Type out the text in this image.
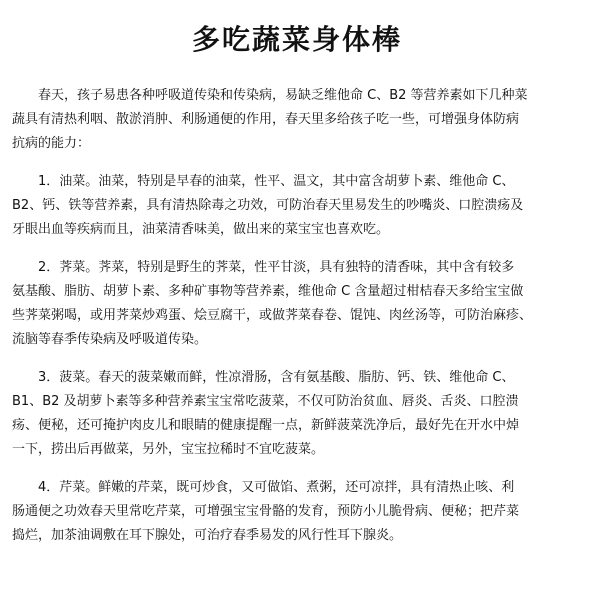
多吃蔬菜身体棒
春天，孩子易患各种呼吸道传染和传染病，易缺乏维他命 C、B2 等营养素如下几种菜
蔬具有清热利咽、散淤消肿、利肠通便的作用，春天里多给孩子吃一些，可增强身体防病
抗病的能力：
1．油菜。油菜，特别是早春的油菜，性平、温文，其中富含胡萝卜素、维他命 C、
B2、钙、铁等营养素，具有清热除毒之功效，可防治春天里易发生的吵嘴炎、口腔溃疡及
牙眼出血等疾病而且，油菜清香味美，做出来的菜宝宝也喜欢吃。
2．荠菜。荠菜，特别是野生的荠菜，性平甘淡，具有独特的清香味，其中含有较多
氨基酸、脂肪、胡萝卜素、多种矿事物等营养素，维他命 C 含量超过柑桔春天多给宝宝做
些荠菜粥喝，或用荠菜炒鸡蛋、烩豆腐干，或做荠菜春卷、馄饨、肉丝汤等，可防治麻疹、
流脑等春季传染病及呼吸道传染。
3．菠菜。春天的菠菜嫩而鲜，性凉滑肠，含有氨基酸、脂肪、钙、铁、维他命 C、
B1、B2 及胡萝卜素等多种营养素宝宝常吃菠菜，不仅可防治贫血、唇炎、舌炎、口腔溃
疡、便秘，还可掩护肉皮儿和眼睛的健康提醒一点，新鲜菠菜洗净后，最好先在开水中焯
一下，捞出后再做菜，另外，宝宝拉稀时不宜吃菠菜。
4．芹菜。鲜嫩的芹菜，既可炒食，又可做馅、煮粥，还可凉拌，具有清热止咳、利
肠通便之功效春天里常吃芹菜，可增强宝宝骨骼的发育，预防小儿脆骨病、便秘；把芹菜
捣烂，加茶油调敷在耳下腺处，可治疗春季易发的风行性耳下腺炎。
